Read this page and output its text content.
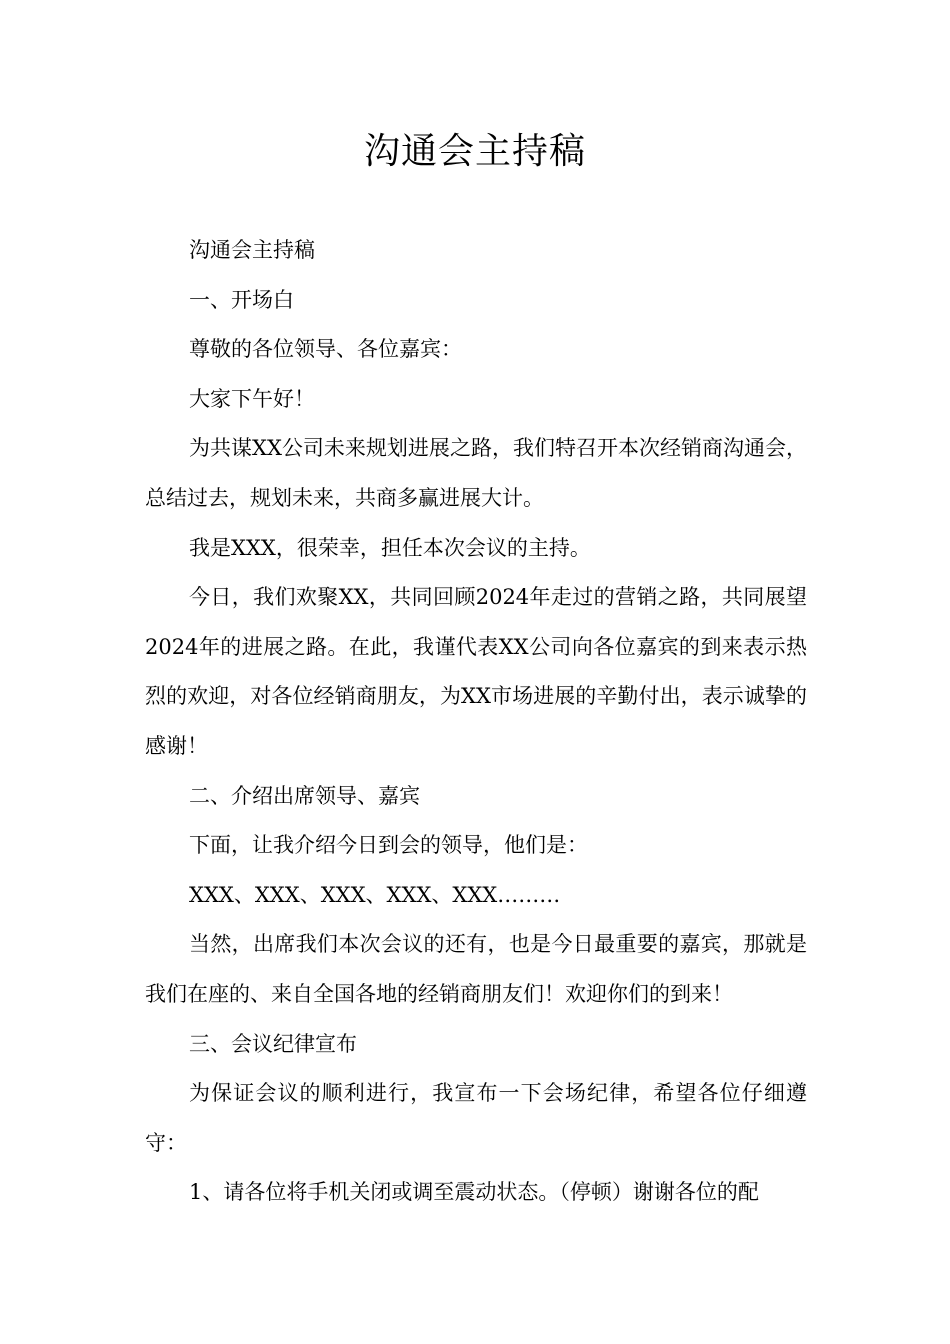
沟通会主持稿

沟通会主持稿

一、开场白

尊敬的各位领导、各位嘉宾：

大家下午好！

为共谋XX公司未来规划进展之路，我们特召开本次经销商沟通会，总结过去，规划未来，共商多赢进展大计。

我是XXX，很荣幸，担任本次会议的主持。

今日，我们欢聚XX，共同回顾2024年走过的营销之路，共同展望2024年的进展之路。在此，我谨代表XX公司向各位嘉宾的到来表示热烈的欢迎，对各位经销商朋友，为XX市场进展的辛勤付出，表示诚挚的感谢！

二、介绍出席领导、嘉宾

下面，让我介绍今日到会的领导，他们是：

XXX、XXX、XXX、XXX、XXX………

当然，出席我们本次会议的还有，也是今日最重要的嘉宾，那就是我们在座的、来自全国各地的经销商朋友们！欢迎你们的到来！

三、会议纪律宣布

为保证会议的顺利进行，我宣布一下会场纪律，希望各位仔细遵守：

1、请各位将手机关闭或调至震动状态。（停顿）谢谢各位的配
